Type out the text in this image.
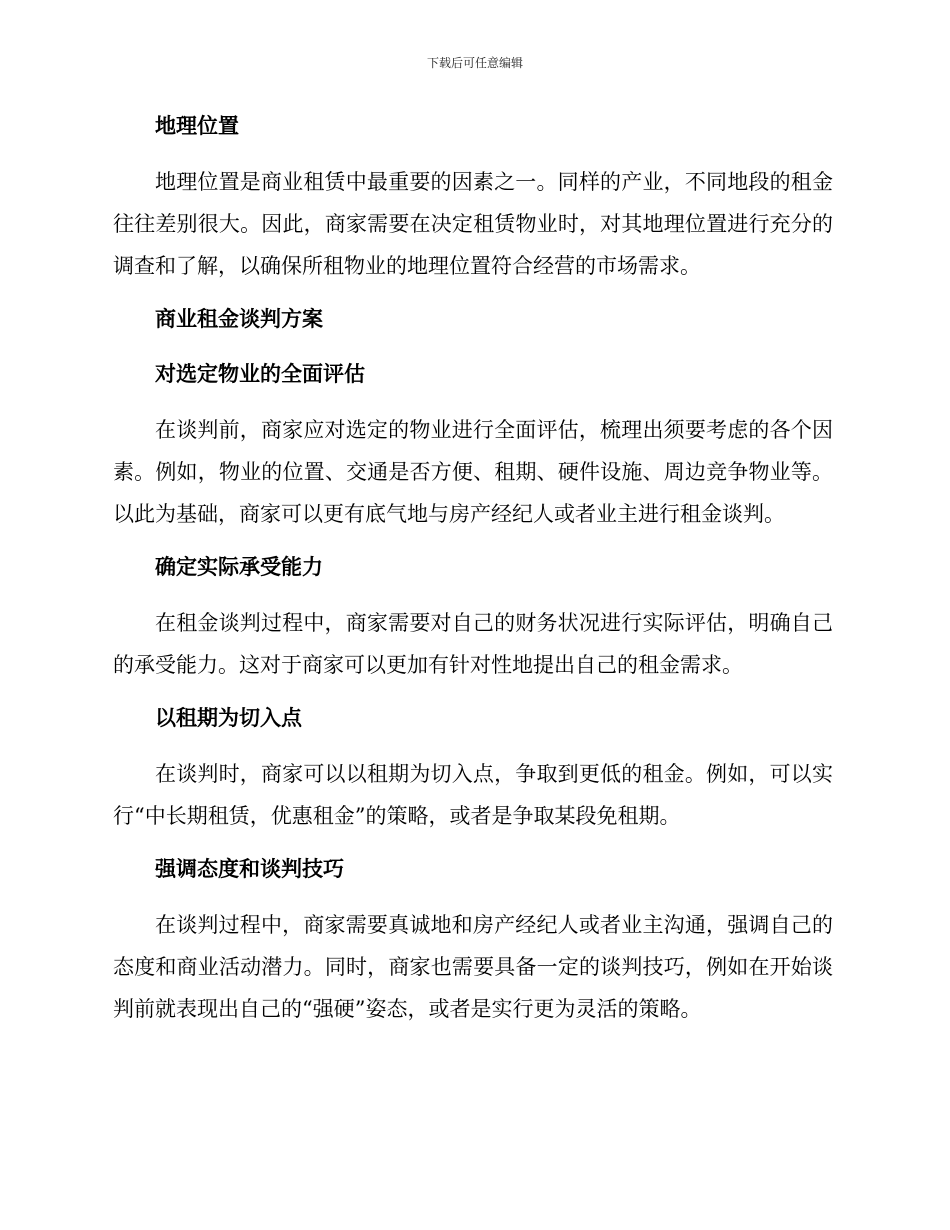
下载后可任意编辑
地理位置
地理位置是商业租赁中最重要的因素之一。同样的产业，不同地段的租金往往差别很大。因此，商家需要在决定租赁物业时，对其地理位置进行充分的调查和了解，以确保所租物业的地理位置符合经营的市场需求。
商业租金谈判方案
对选定物业的全面评估
在谈判前，商家应对选定的物业进行全面评估，梳理出须要考虑的各个因素。例如，物业的位置、交通是否方便、租期、硬件设施、周边竞争物业等。以此为基础，商家可以更有底气地与房产经纪人或者业主进行租金谈判。
确定实际承受能力
在租金谈判过程中，商家需要对自己的财务状况进行实际评估，明确自己的承受能力。这对于商家可以更加有针对性地提出自己的租金需求。
以租期为切入点
在谈判时，商家可以以租期为切入点，争取到更低的租金。例如，可以实行“中长期租赁，优惠租金”的策略，或者是争取某段免租期。
强调态度和谈判技巧
在谈判过程中，商家需要真诚地和房产经纪人或者业主沟通，强调自己的态度和商业活动潜力。同时，商家也需要具备一定的谈判技巧，例如在开始谈判前就表现出自己的“强硬”姿态，或者是实行更为灵活的策略。
